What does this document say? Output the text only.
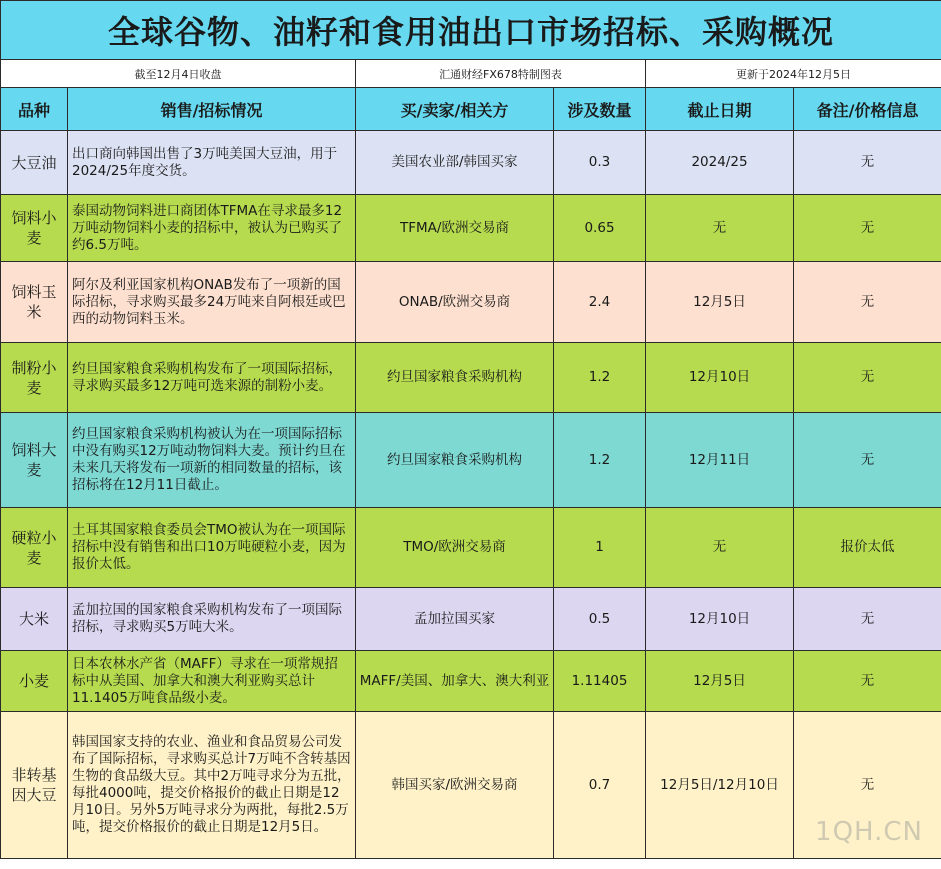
全球谷物、油籽和食用油出口市场招标、采购概况					
截至12月4日收盘		汇通财经FX678特制图表		更新于2024年12月5日	
品种	销售/招标情况	买/卖家/相关方	涉及数量	截止日期	备注/价格信息
大豆油	出口商向韩国出售了3万吨美国大豆油，用于2024/25年度交货。	美国农业部/韩国买家	0.3	2024/25	无
饲料小麦	泰国动物饲料进口商团体TFMA在寻求最多12万吨动物饲料小麦的招标中，被认为已购买了约6.5万吨。	TFMA/欧洲交易商	0.65	无	无
饲料玉米	阿尔及利亚国家机构ONAB发布了一项新的国际招标，寻求购买最多24万吨来自阿根廷或巴西的动物饲料玉米。	ONAB/欧洲交易商	2.4	12月5日	无
制粉小麦	约旦国家粮食采购机构发布了一项国际招标，寻求购买最多12万吨可选来源的制粉小麦。	约旦国家粮食采购机构	1.2	12月10日	无
饲料大麦	约旦国家粮食采购机构被认为在一项国际招标中没有购买12万吨动物饲料大麦。预计约旦在未来几天将发布一项新的相同数量的招标，该招标将在12月11日截止。	约旦国家粮食采购机构	1.2	12月11日	无
硬粒小麦	土耳其国家粮食委员会TMO被认为在一项国际招标中没有销售和出口10万吨硬粒小麦，因为报价太低。	TMO/欧洲交易商	1	无	报价太低
大米	孟加拉国的国家粮食采购机构发布了一项国际招标，寻求购买5万吨大米。	孟加拉国买家	0.5	12月10日	无
小麦	日本农林水产省（MAFF）寻求在一项常规招标中从美国、加拿大和澳大利亚购买总计11.1405万吨食品级小麦。	MAFF/美国、加拿大、澳大利亚	1.11405	12月5日	无
非转基因大豆	韩国国家支持的农业、渔业和食品贸易公司发布了国际招标，寻求购买总计7万吨不含转基因生物的食品级大豆。其中2万吨寻求分为五批，每批4000吨，提交价格报价的截止日期是12月10日。另外5万吨寻求分为两批，每批2.5万吨，提交价格报价的截止日期是12月5日。	韩国买家/欧洲交易商	0.7	12月5日/12月10日	无
1QH.CN
